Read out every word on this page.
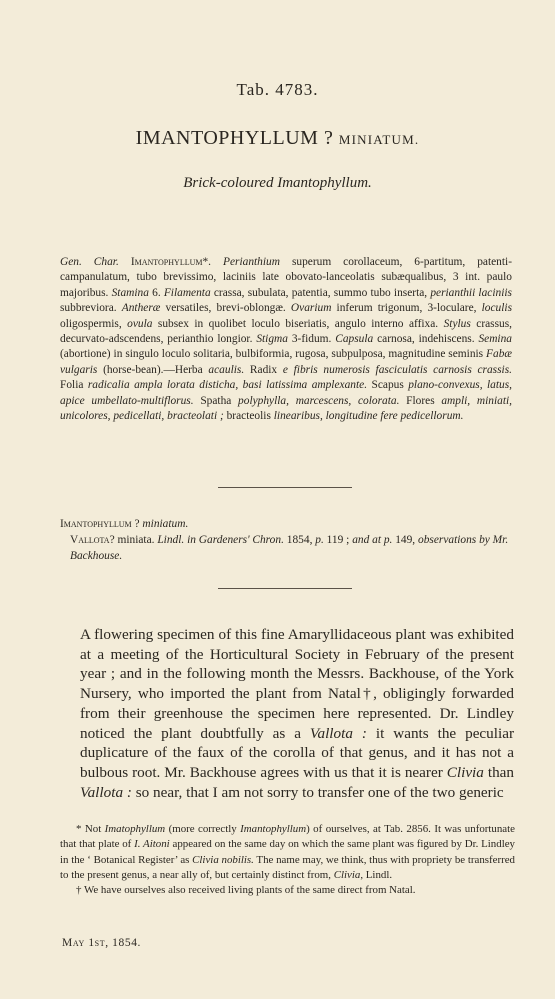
Tab. 4783.
IMANTOPHYLLUM ? MINIATUM.
Brick-coloured Imantophyllum.
Gen. Char. Imantophyllum*. Perianthium superum corollaceum, 6-partitum, patenti-campanulatum, tubo brevissimo, laciniis late obovato-lanceolatis subæqualibus, 3 int. paulo majoribus. Stamina 6. Filamenta crassa, subulata, patentia, summo tubo inserta, perianthii laciniis subbreviora. Antheræ versatiles, brevi-oblongæ. Ovarium inferum trigonum, 3-loculare, loculis oligospermis, ovula subsex in quolibet loculo biseriatis, angulo interno affixa. Stylus crassus, decurvato-adscendens, perianthio longior. Stigma 3-fidum. Capsula carnosa, indehiscens. Semina (abortione) in singulo loculo solitaria, bulbiformia, rugosa, subpulposa, magnitudine seminis Fabæ vulgaris (horse-bean).—Herba acaulis. Radix e fibris numerosis fasciculatis carnosis crassis. Folia radicalia ampla lorata disticha, basi latissima amplexante. Scapus plano-convexus, latus, apice umbellato-multiflorus. Spatha polyphylla, marcescens, colorata. Flores ampli, miniati, unicolores, pedicellati, bracteolati ; bracteolis linearibus, longitudine fere pedicellorum.
Imantophyllum ? miniatum.
Vallota? miniata. Lindl. in Gardeners' Chron. 1854, p. 119 ; and at p. 149, observations by Mr. Backhouse.
A flowering specimen of this fine Amaryllidaceous plant was exhibited at a meeting of the Horticultural Society in February of the present year ; and in the following month the Messrs. Backhouse, of the York Nursery, who imported the plant from Natal†, obligingly forwarded from their greenhouse the specimen here represented. Dr. Lindley noticed the plant doubtfully as a Vallota : it wants the peculiar duplicature of the faux of the corolla of that genus, and it has not a bulbous root. Mr. Backhouse agrees with us that it is nearer Clivia than Vallota : so near, that I am not sorry to transfer one of the two generic

* Not Imatophyllum (more correctly Imantophyllum) of ourselves, at Tab. 2856. It was unfortunate that that plate of I. Aitoni appeared on the same day on which the same plant was figured by Dr. Lindley in the ‘ Botanical Register’ as Clivia nobilis. The name may, we think, thus with propriety be transferred to the present genus, a near ally of, but certainly distinct from, Clivia, Lindl.

† We have ourselves also received living plants of the same direct from Natal.

May 1st, 1854.
